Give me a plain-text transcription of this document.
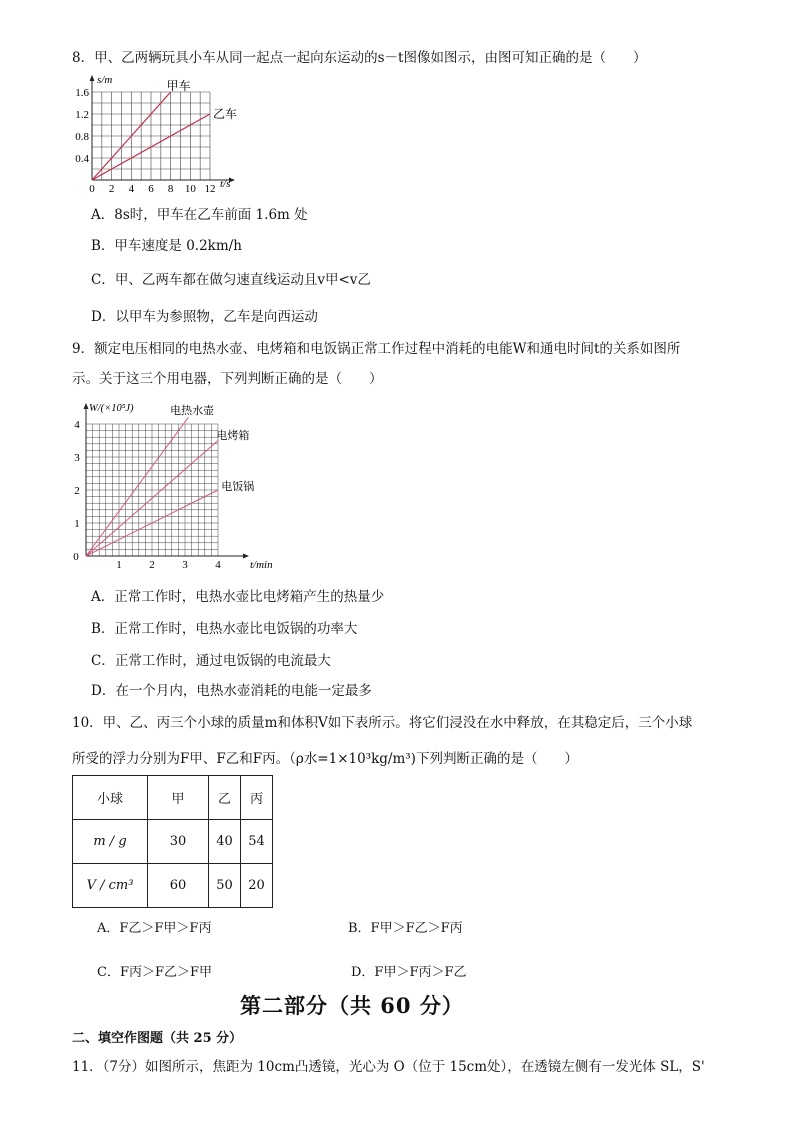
8．甲、乙两辆玩具小车从同一起点一起向东运动的s－t图像如图示，由图可知正确的是（　　）
s/m
t/s
0 2 4 6 8 10 12
0.4
0.8
1.2
1.6	甲车
乙车
A．8s时，甲车在乙车前面 1.6m 处
B．甲车速度是 0.2km/h
C．甲、乙两车都在做匀速直线运动且v甲<v乙
D．以甲车为参照物，乙车是向西运动
9．额定电压相同的电热水壶、电烤箱和电饭锅正常工作过程中消耗的电能W和通电时间t的关系如图所
示。关于这三个用电器，下列判断正确的是（　　）
W/(×10⁵J)
t/min
0
1	2	3	4
1
2
3
4
电热水壶
电烤箱
电饭锅
A．正常工作时，电热水壶比电烤箱产生的热量少
B．正常工作时，电热水壶比电饭锅的功率大
C．正常工作时，通过电饭锅的电流最大
D．在一个月内，电热水壶消耗的电能一定最多
10．甲、乙、丙三个小球的质量m和体积V如下表所示。将它们浸没在水中释放，在其稳定后，三个小球
所受的浮力分别为F甲、F乙和F丙。（ρ水=1×10³kg/m³)下列判断正确的是（　　）
小球	甲	乙	丙
m / g	30	40	54
V / cm³	60	50	20
A．F乙＞F甲＞F丙	B．F甲＞F乙＞F丙
C．F丙＞F乙＞F甲	D．F甲＞F丙＞F乙
第二部分（共 60 分）
二、填空作图题（共 25 分）
11．（7分）如图所示，焦距为 10cm凸透镜，光心为 O（位于 15cm处），在透镜左侧有一发光体 SL，S'
